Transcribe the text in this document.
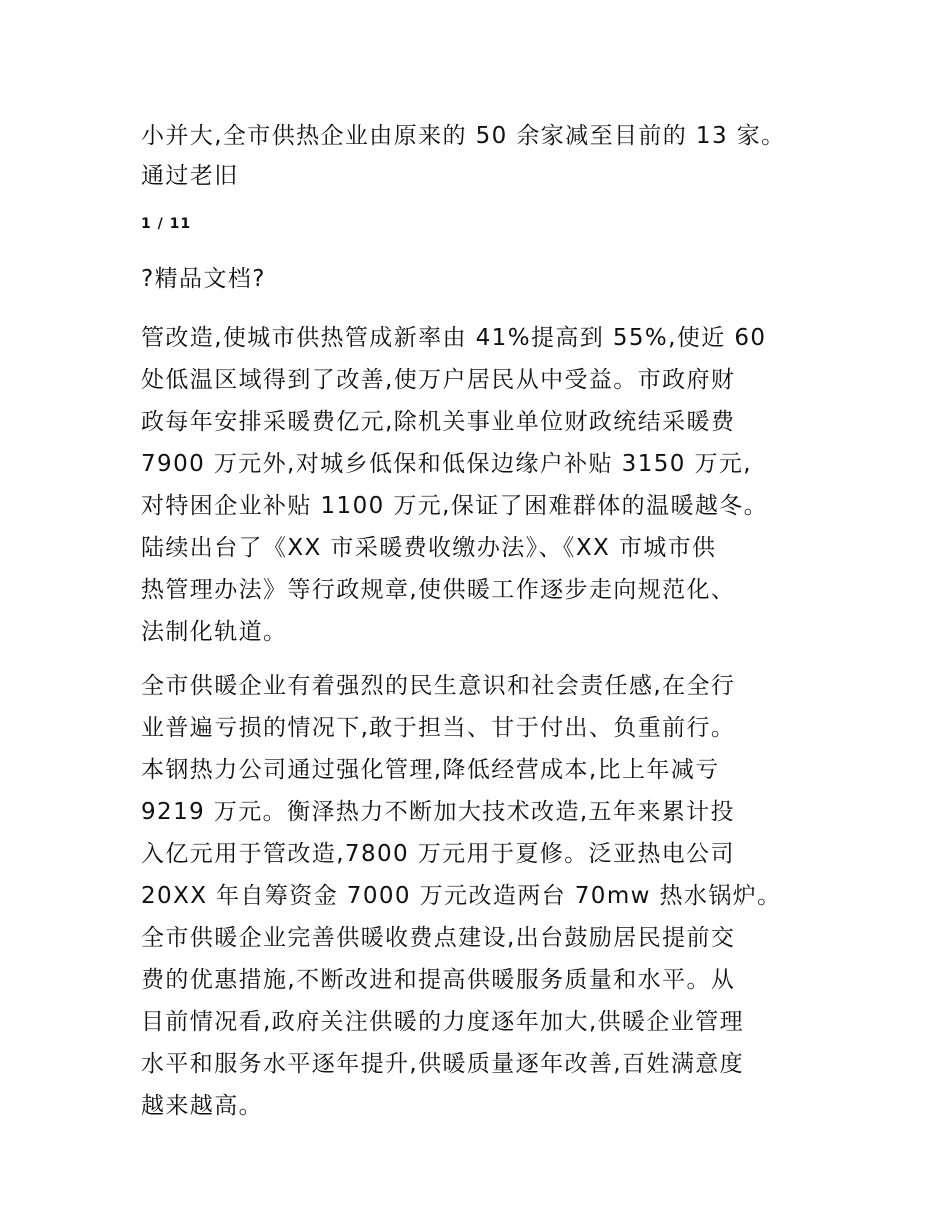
小并大,全市供热企业由原来的 50 余家减至目前的 13 家。
通过老旧
1 / 11
?精品文档?
管改造,使城市供热管成新率由 41%提高到 55%,使近 60
处低温区域得到了改善,使万户居民从中受益。市政府财
政每年安排采暖费亿元,除机关事业单位财政统结采暖费
7900 万元外,对城乡低保和低保边缘户补贴 3150 万元,
对特困企业补贴 1100 万元,保证了困难群体的温暖越冬。
陆续出台了《XX 市采暖费收缴办法》、《XX 市城市供
热管理办法》等行政规章,使供暖工作逐步走向规范化、
法制化轨道。
全市供暖企业有着强烈的民生意识和社会责任感,在全行
业普遍亏损的情况下,敢于担当、甘于付出、负重前行。
本钢热力公司通过强化管理,降低经营成本,比上年减亏
9219 万元。衡泽热力不断加大技术改造,五年来累计投
入亿元用于管改造,7800 万元用于夏修。泛亚热电公司
20XX 年自筹资金 7000 万元改造两台 70mw 热水锅炉。
全市供暖企业完善供暖收费点建设,出台鼓励居民提前交
费的优惠措施,不断改进和提高供暖服务质量和水平。从
目前情况看,政府关注供暖的力度逐年加大,供暖企业管理
水平和服务水平逐年提升,供暖质量逐年改善,百姓满意度
越来越高。
